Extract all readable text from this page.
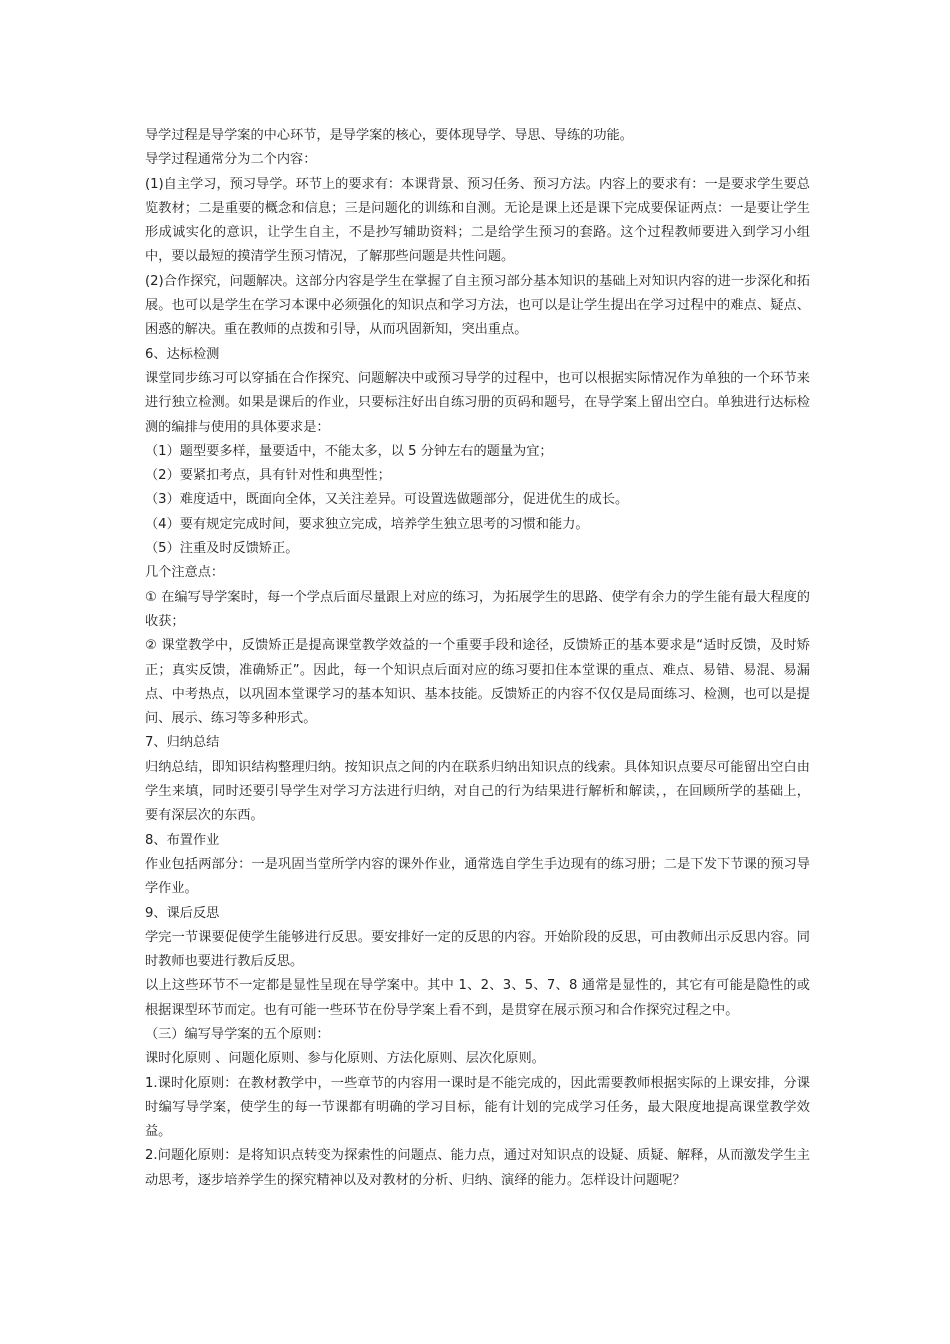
导学过程是导学案的中心环节，是导学案的核心，要体现导学、导思、导练的功能。

导学过程通常分为二个内容：

(1)自主学习，预习导学。环节上的要求有：本课背景、预习任务、预习方法。内容上的要求有：一是要求学生要总览教材；二是重要的概念和信息；三是问题化的训练和自测。无论是课上还是课下完成要保证两点：一是要让学生形成诚实化的意识，让学生自主，不是抄写辅助资料；二是给学生预习的套路。这个过程教师要进入到学习小组中，要以最短的摸清学生预习情况，了解那些问题是共性问题。

(2)合作探究，问题解决。这部分内容是学生在掌握了自主预习部分基本知识的基础上对知识内容的进一步深化和拓展。也可以是学生在学习本课中必须强化的知识点和学习方法，也可以是让学生提出在学习过程中的难点、疑点、困惑的解决。重在教师的点拨和引导，从而巩固新知，突出重点。

6、达标检测

课堂同步练习可以穿插在合作探究、问题解决中或预习导学的过程中，也可以根据实际情况作为单独的一个环节来进行独立检测。如果是课后的作业，只要标注好出自练习册的页码和题号，在导学案上留出空白。单独进行达标检测的编排与使用的具体要求是：

（1）题型要多样，量要适中，不能太多，以 5 分钟左右的题量为宜；

（2）要紧扣考点，具有针对性和典型性；

（3）难度适中，既面向全体，又关注差异。可设置选做题部分，促进优生的成长。

（4）要有规定完成时间，要求独立完成，培养学生独立思考的习惯和能力。

（5）注重及时反馈矫正。

几个注意点：

① 在编写导学案时，每一个学点后面尽量跟上对应的练习，为拓展学生的思路、使学有余力的学生能有最大程度的收获；

② 课堂教学中，反馈矫正是提高课堂教学效益的一个重要手段和途径，反馈矫正的基本要求是“适时反馈，及时矫正；真实反馈，准确矫正”。因此，每一个知识点后面对应的练习要扣住本堂课的重点、难点、易错、易混、易漏点、中考热点，以巩固本堂课学习的基本知识、基本技能。反馈矫正的内容不仅仅是局面练习、检测，也可以是提问、展示、练习等多种形式。

7、归纳总结

归纳总结，即知识结构整理归纳。按知识点之间的内在联系归纳出知识点的线索。具体知识点要尽可能留出空白由学生来填，同时还要引导学生对学习方法进行归纳，对自己的行为结果进行解析和解读，，在回顾所学的基础上，要有深层次的东西。

8、布置作业

作业包括两部分：一是巩固当堂所学内容的课外作业，通常选自学生手边现有的练习册；二是下发下节课的预习导学作业。

9、课后反思

学完一节课要促使学生能够进行反思。要安排好一定的反思的内容。开始阶段的反思，可由教师出示反思内容。同时教师也要进行教后反思。

以上这些环节不一定都是显性呈现在导学案中。其中 1、2、3、5、7、8 通常是显性的，其它有可能是隐性的或根据课型环节而定。也有可能一些环节在份导学案上看不到，是贯穿在展示预习和合作探究过程之中。

（三）编写导学案的五个原则：

课时化原则 、问题化原则、参与化原则、方法化原则、层次化原则。

1.课时化原则：在教材教学中，一些章节的内容用一课时是不能完成的，因此需要教师根据实际的上课安排，分课时编写导学案，使学生的每一节课都有明确的学习目标，能有计划的完成学习任务，最大限度地提高课堂教学效益。

2.问题化原则：是将知识点转变为探索性的问题点、能力点，通过对知识点的设疑、质疑、解释，从而激发学生主动思考，逐步培养学生的探究精神以及对教材的分析、归纳、演绎的能力。怎样设计问题呢？
